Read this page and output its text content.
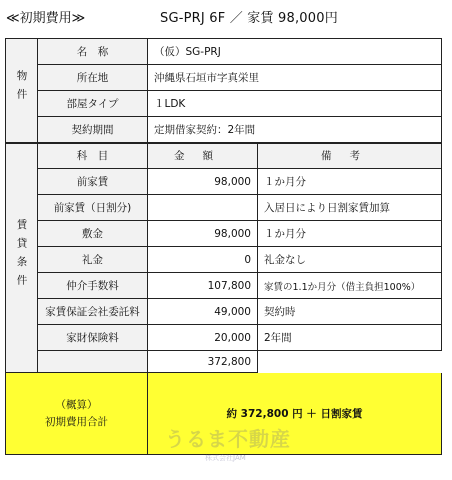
≪初期費用≫	SG-PRJ 6F ／ 家賃 98,000円
物件	名　称	（仮）SG-PRJ	
	所在地	沖縄県石垣市字真栄里	
	部屋タイプ	１LDK	
	契約期間	定期借家契約：2年間	
賃貸条件	科　目	金額	備考
	前家賃	98,000	１か月分
	前家賃（日割分)		入居日により日割家賃加算
	敷金	98,000	１か月分
	礼金	0	礼金なし
	仲介手数料	107,800	家賃の1.1か月分（借主負担100%）
	家賃保証会社委託料	49,000	契約時
	家財保険料	20,000	2年間
		372,800	

（概算）
初期費用合計		約 372,800 円 ＋ 日割家賃	
うるま不動産
株式会社JAM
